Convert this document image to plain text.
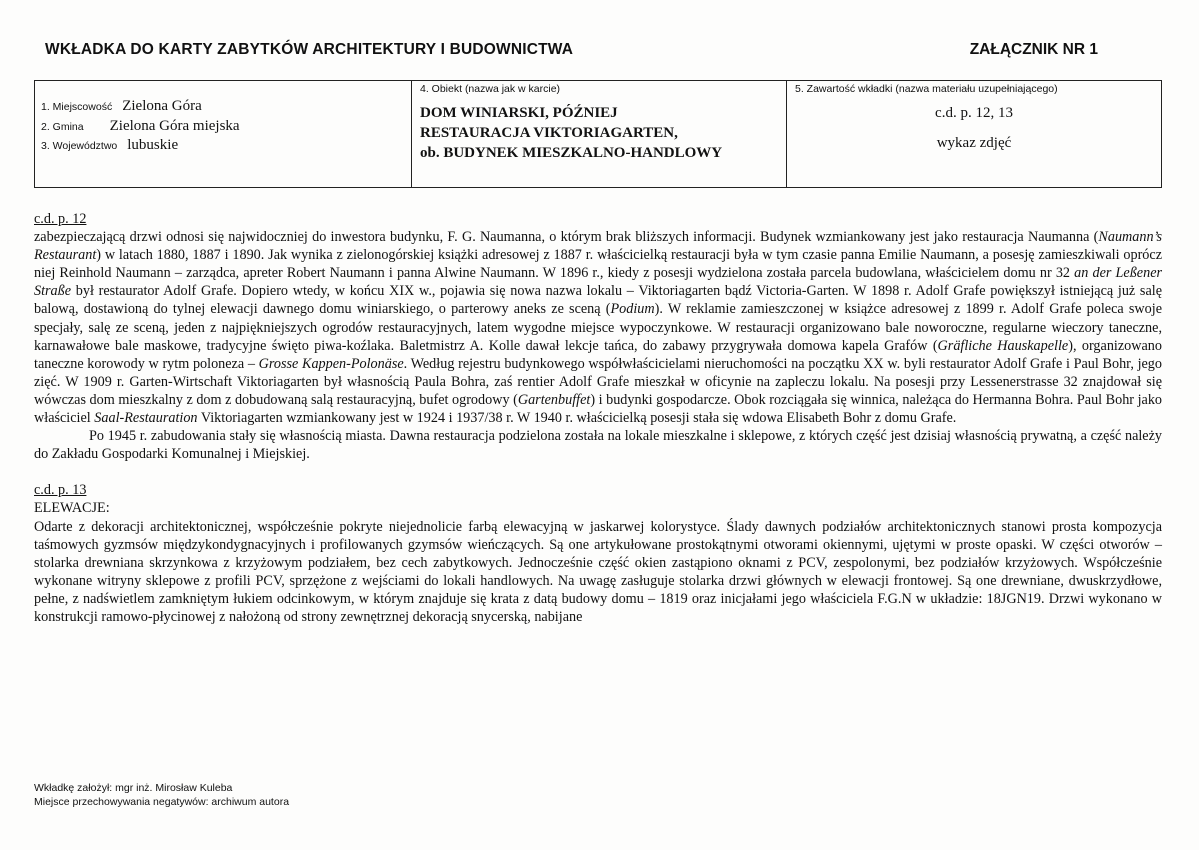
WKŁADKA DO KARTY ZABYTKÓW ARCHITEKTURY I BUDOWNICTWA	ZAŁĄCZNIK NR 1
1. Miejscowość Zielona Góra
2. Gmina Zielona Góra miejska
3. Województwo lubuskie
4. Obiekt (nazwa jak w karcie)
DOM WINIARSKI, PÓŹNIEJ
RESTAURACJA VIKTORIAGARTEN,
ob. BUDYNEK MIESZKALNO-HANDLOWY
5. Zawartość wkładki (nazwa materiału uzupełniającego)
c.d. p. 12, 13
wykaz zdjęć
c.d. p. 12

zabezpieczającą drzwi odnosi się najwidoczniej do inwestora budynku, F. G. Naumanna, o którym brak bliższych informacji. Budynek wzmiankowany jest jako restauracja Naumanna (Naumann’s Restaurant) w latach 1880, 1887 i 1890. Jak wynika z zielonogórskiej książki adresowej z 1887 r. właścicielką restauracji była w tym czasie panna Emilie Naumann, a posesję zamieszkiwali oprócz niej Reinhold Naumann – zarządca, apreter Robert Naumann i panna Alwine Naumann. W 1896 r., kiedy z posesji wydzielona została parcela budowlana, właścicielem domu nr 32 an der Leßener Straße był restaurator Adolf Grafe. Dopiero wtedy, w końcu XIX w., pojawia się nowa nazwa lokalu – Viktoriagarten bądź Victoria-Garten. W 1898 r. Adolf Grafe powiększył istniejącą już salę balową, dostawioną do tylnej elewacji dawnego domu winiarskiego, o parterowy aneks ze sceną (Podium). W reklamie zamieszczonej w książce adresowej z 1899 r. Adolf Grafe poleca swoje specjały, salę ze sceną, jeden z najpiękniejszych ogrodów restauracyjnych, latem wygodne miejsce wypoczynkowe. W restauracji organizowano bale noworoczne, regularne wieczory taneczne, karnawałowe bale maskowe, tradycyjne święto piwa-koźlaka. Baletmistrz A. Kolle dawał lekcje tańca, do zabawy przygrywała domowa kapela Grafów (Gräfliche Hauskapelle), organizowano taneczne korowody w rytm poloneza – Grosse Kappen-Polonäse. Według rejestru budynkowego współwłaścicielami nieruchomości na początku XX w. byli restaurator Adolf Grafe i Paul Bohr, jego zięć. W 1909 r. Garten-Wirtschaft Viktoriagarten był własnością Paula Bohra, zaś rentier Adolf Grafe mieszkał w oficynie na zapleczu lokalu. Na posesji przy Lessenerstrasse 32 znajdował się wówczas dom mieszkalny z dom z dobudowaną salą restauracyjną, bufet ogrodowy (Gartenbuffet) i budynki gospodarcze. Obok rozciągała się winnica, należąca do Hermanna Bohra. Paul Bohr jako właściciel Saal-Restauration Viktoriagarten wzmiankowany jest w 1924 i 1937/38 r. W 1940 r. właścicielką posesji stała się wdowa Elisabeth Bohr z domu Grafe.

Po 1945 r. zabudowania stały się własnością miasta. Dawna restauracja podzielona została na lokale mieszkalne i sklepowe, z których część jest dzisiaj własnością prywatną, a część należy do Zakładu Gospodarki Komunalnej i Miejskiej.

c.d. p. 13

ELEWACJE:

Odarte z dekoracji architektonicznej, współcześnie pokryte niejednolicie farbą elewacyjną w jaskarwej kolorystyce. Ślady dawnych podziałów architektonicznych stanowi prosta kompozycja taśmowych gyzmsów międzykondygnacyjnych i profilowanych gzymsów wieńczących. Są one artykułowane prostokątnymi otworami okiennymi, ujętymi w proste opaski. W części otworów – stolarka drewniana skrzynkowa z krzyżowym podziałem, bez cech zabytkowych. Jednocześnie część okien zastąpiono oknami z PCV, zespolonymi, bez podziałów krzyżowych. Współcześnie wykonane witryny sklepowe z profili PCV, sprzężone z wejściami do lokali handlowych. Na uwagę zasługuje stolarka drzwi głównych w elewacji frontowej. Są one drewniane, dwuskrzydłowe, pełne, z nadświetlem zamkniętym łukiem odcinkowym, w którym znajduje się krata z datą budowy domu – 1819 oraz inicjałami jego właściciela F.G.N w układzie: 18JGN19. Drzwi wykonano w konstrukcji ramowo-płycinowej z nałożoną od strony zewnętrznej dekoracją snycerską, nabijane

Wkładkę założył: mgr inż. Mirosław Kuleba
Miejsce przechowywania negatywów: archiwum autora
